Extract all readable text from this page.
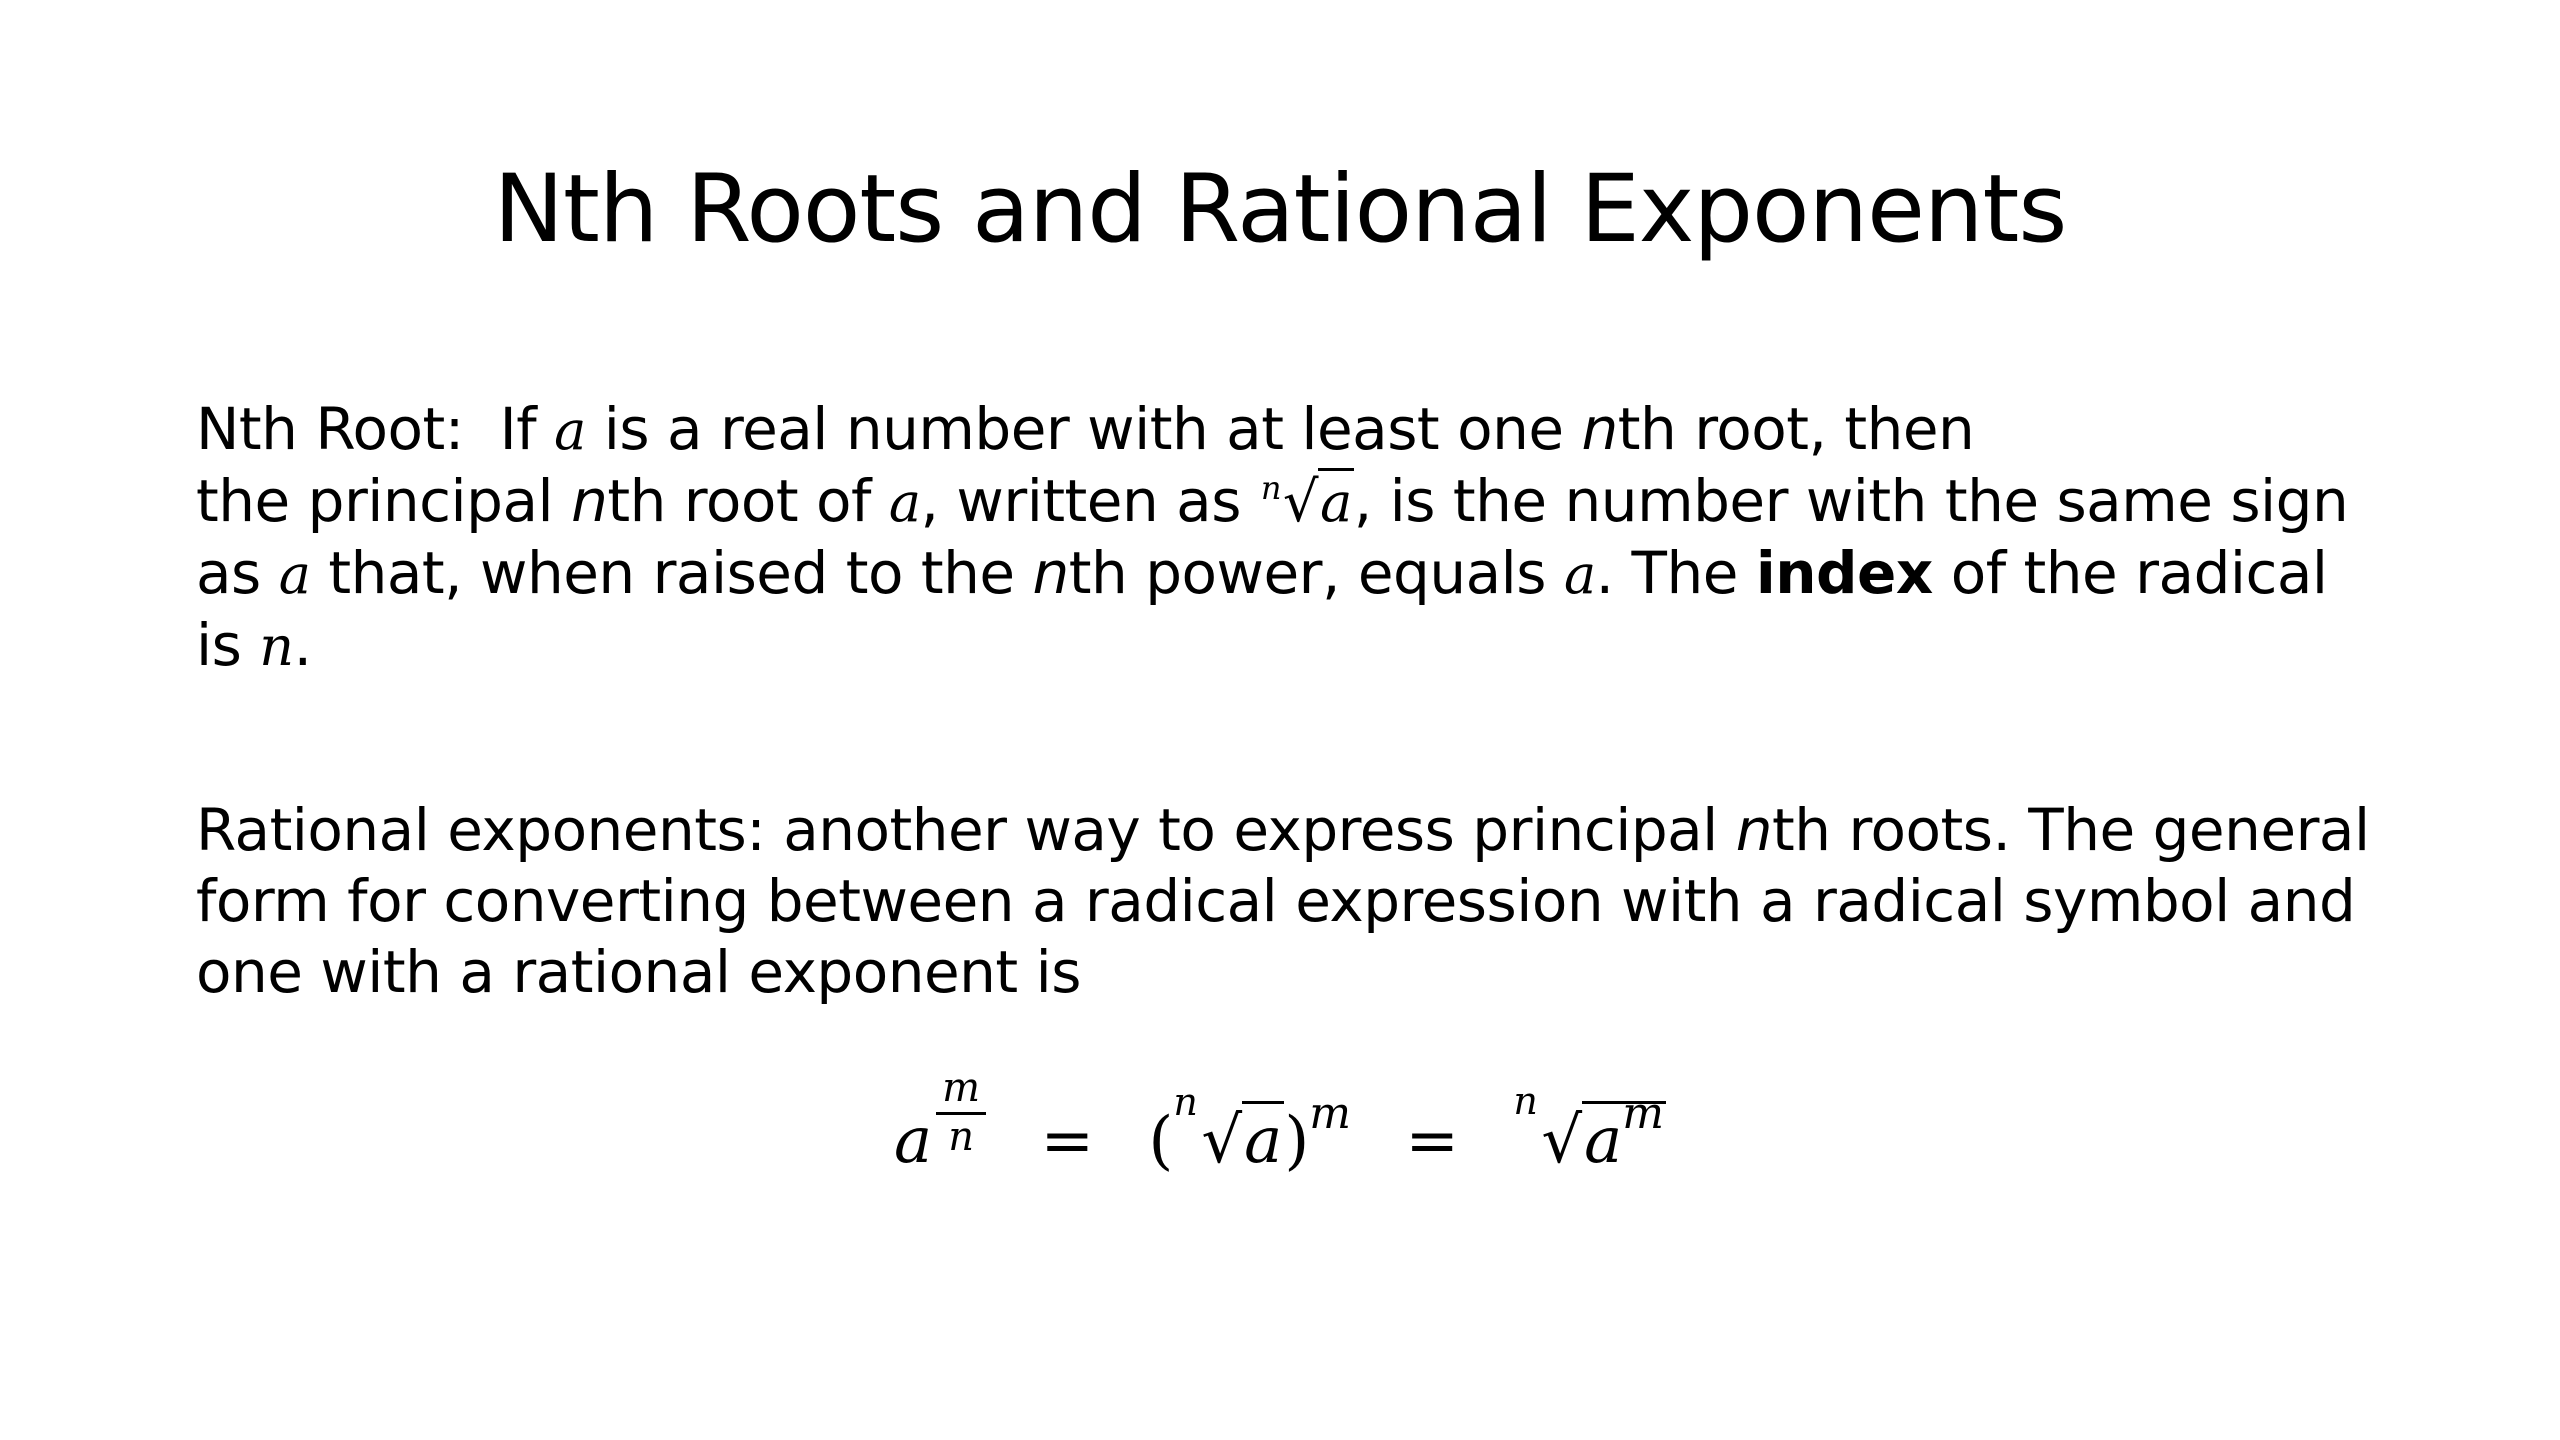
Nth Roots and Rational Exponents
Nth Root: If a is a real number with at least one nth root, then
the principal nth root of a, written as n √a, is the number with the same sign
as a that, when raised to the nth power, equals a. The index of the radical
is n.
Rational exponents: another way to express principal nth roots. The general
form for converting between a radical expression with a radical symbol and
one with a rational exponent is
a $\frac{m}{n}$ = (
n
√a)m =
n
√am
